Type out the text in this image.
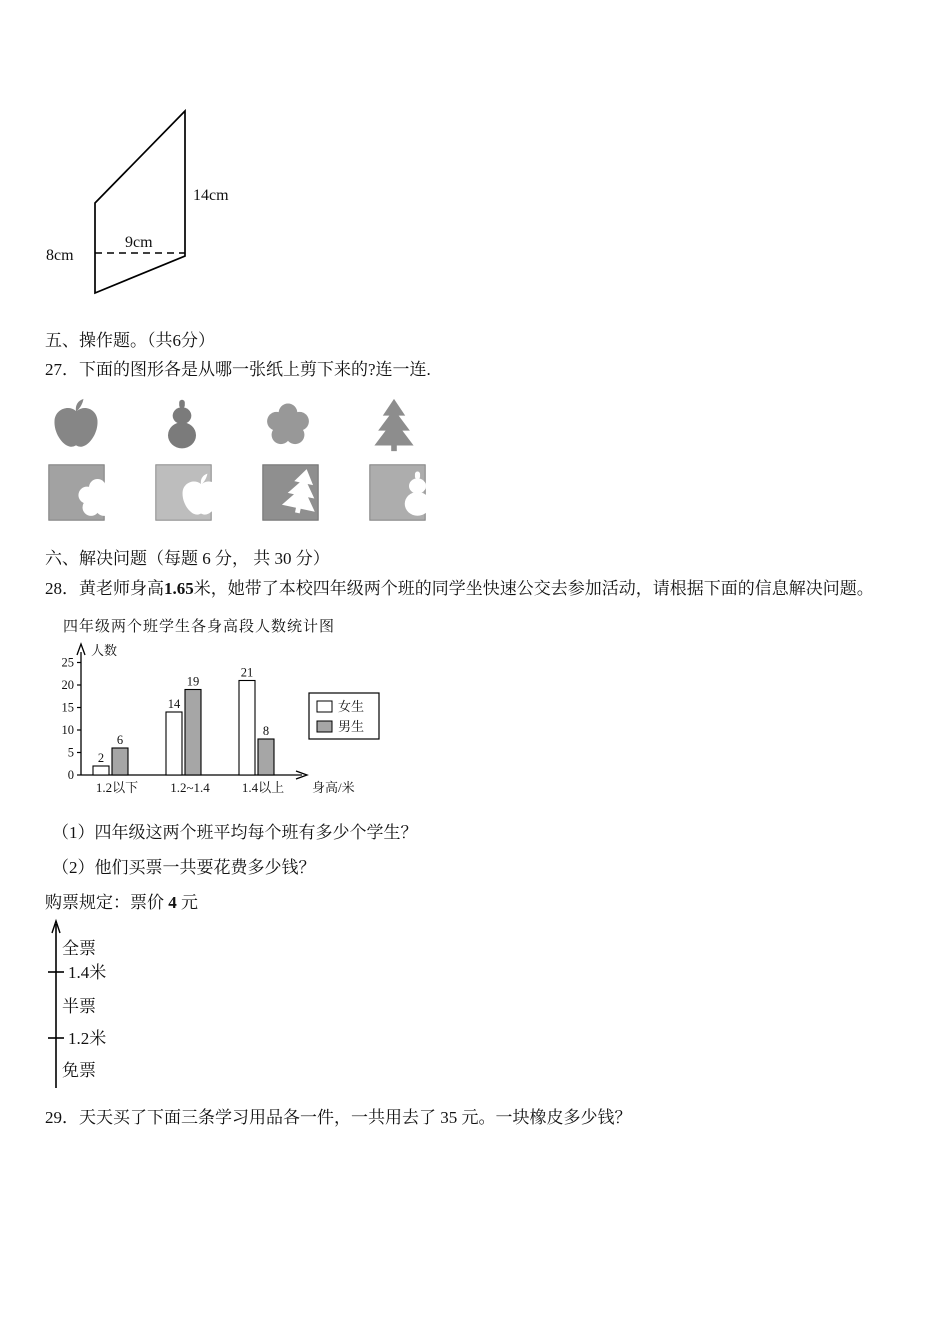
14cm
9cm
8cm
五、操作题。（共6分）
27．下面的图形各是从哪一张纸上剪下来的?连一连.
六、解决问题（每题 6 分， 共 30 分）
28．黄老师身高1.65米，她带了本校四年级两个班的同学坐快速公交去参加活动，请根据下面的信息解决问题。
四年级两个班学生各身高段人数统计图
人数
身高/米
0
5
10
15
20
25
2
6
1.2以下
14
19
1.2~1.4
21
8
1.4以上
女生
男生
（1）四年级这两个班平均每个班有多少个学生？
（2）他们买票一共要花费多少钱？
购票规定：票价 4 元
全票
1.4米
半票
1.2米
免票
29．天天买了下面三条学习用品各一件，一共用去了 35 元。一块橡皮多少钱？
